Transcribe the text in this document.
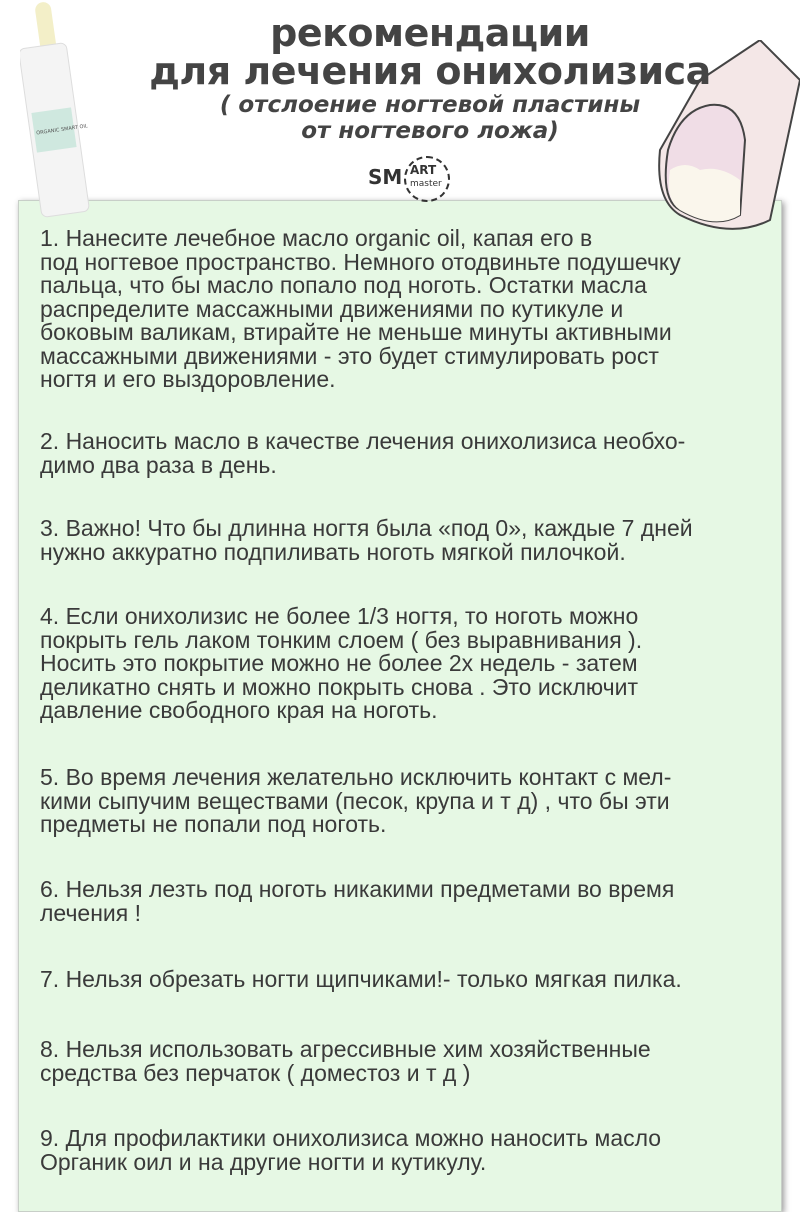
ORGANIC SMART OIL
рекомендации
для лечения онихолизиса
( отслоение ногтевой пластины
от ногтевого ложа)
SM ART
master
1. Нанесите лечебное масло organic oil, капая его в
под ногтевое пространство. Немного отодвиньте подушечку
пальца, что бы масло попало под ноготь. Остатки масла
распределите массажными движениями по кутикуле и
боковым валикам, втирайте не меньше минуты активными
массажными движениями - это будет стимулировать рост
ногтя и его выздоровление.
2. Наносить масло в качестве лечения онихолизиса необхо-
димо два раза в день.
3. Важно! Что бы длинна ногтя была «под 0», каждые 7 дней
нужно аккуратно подпиливать ноготь мягкой пилочкой.
4. Если онихолизис не более 1/3 ногтя, то ноготь можно
покрыть гель лаком тонким слоем ( без выравнивания ).
Носить это покрытие можно не более 2х недель - затем
деликатно снять и можно покрыть снова . Это исключит
давление свободного края на ноготь.
5. Во время лечения желательно исключить контакт с мел-
кими сыпучим веществами (песок, крупа и т д) , что бы эти
предметы не попали под ноготь.
6. Нельзя лезть под ноготь никакими предметами во время
лечения !
7. Нельзя обрезать ногти щипчиками!- только мягкая пилка.
8. Нельзя использовать агрессивные хим хозяйственные
средства без перчаток ( доместоз и т д )
9. Для профилактики онихолизиса можно наносить масло
Органик оил и на другие ногти и кутикулу.
